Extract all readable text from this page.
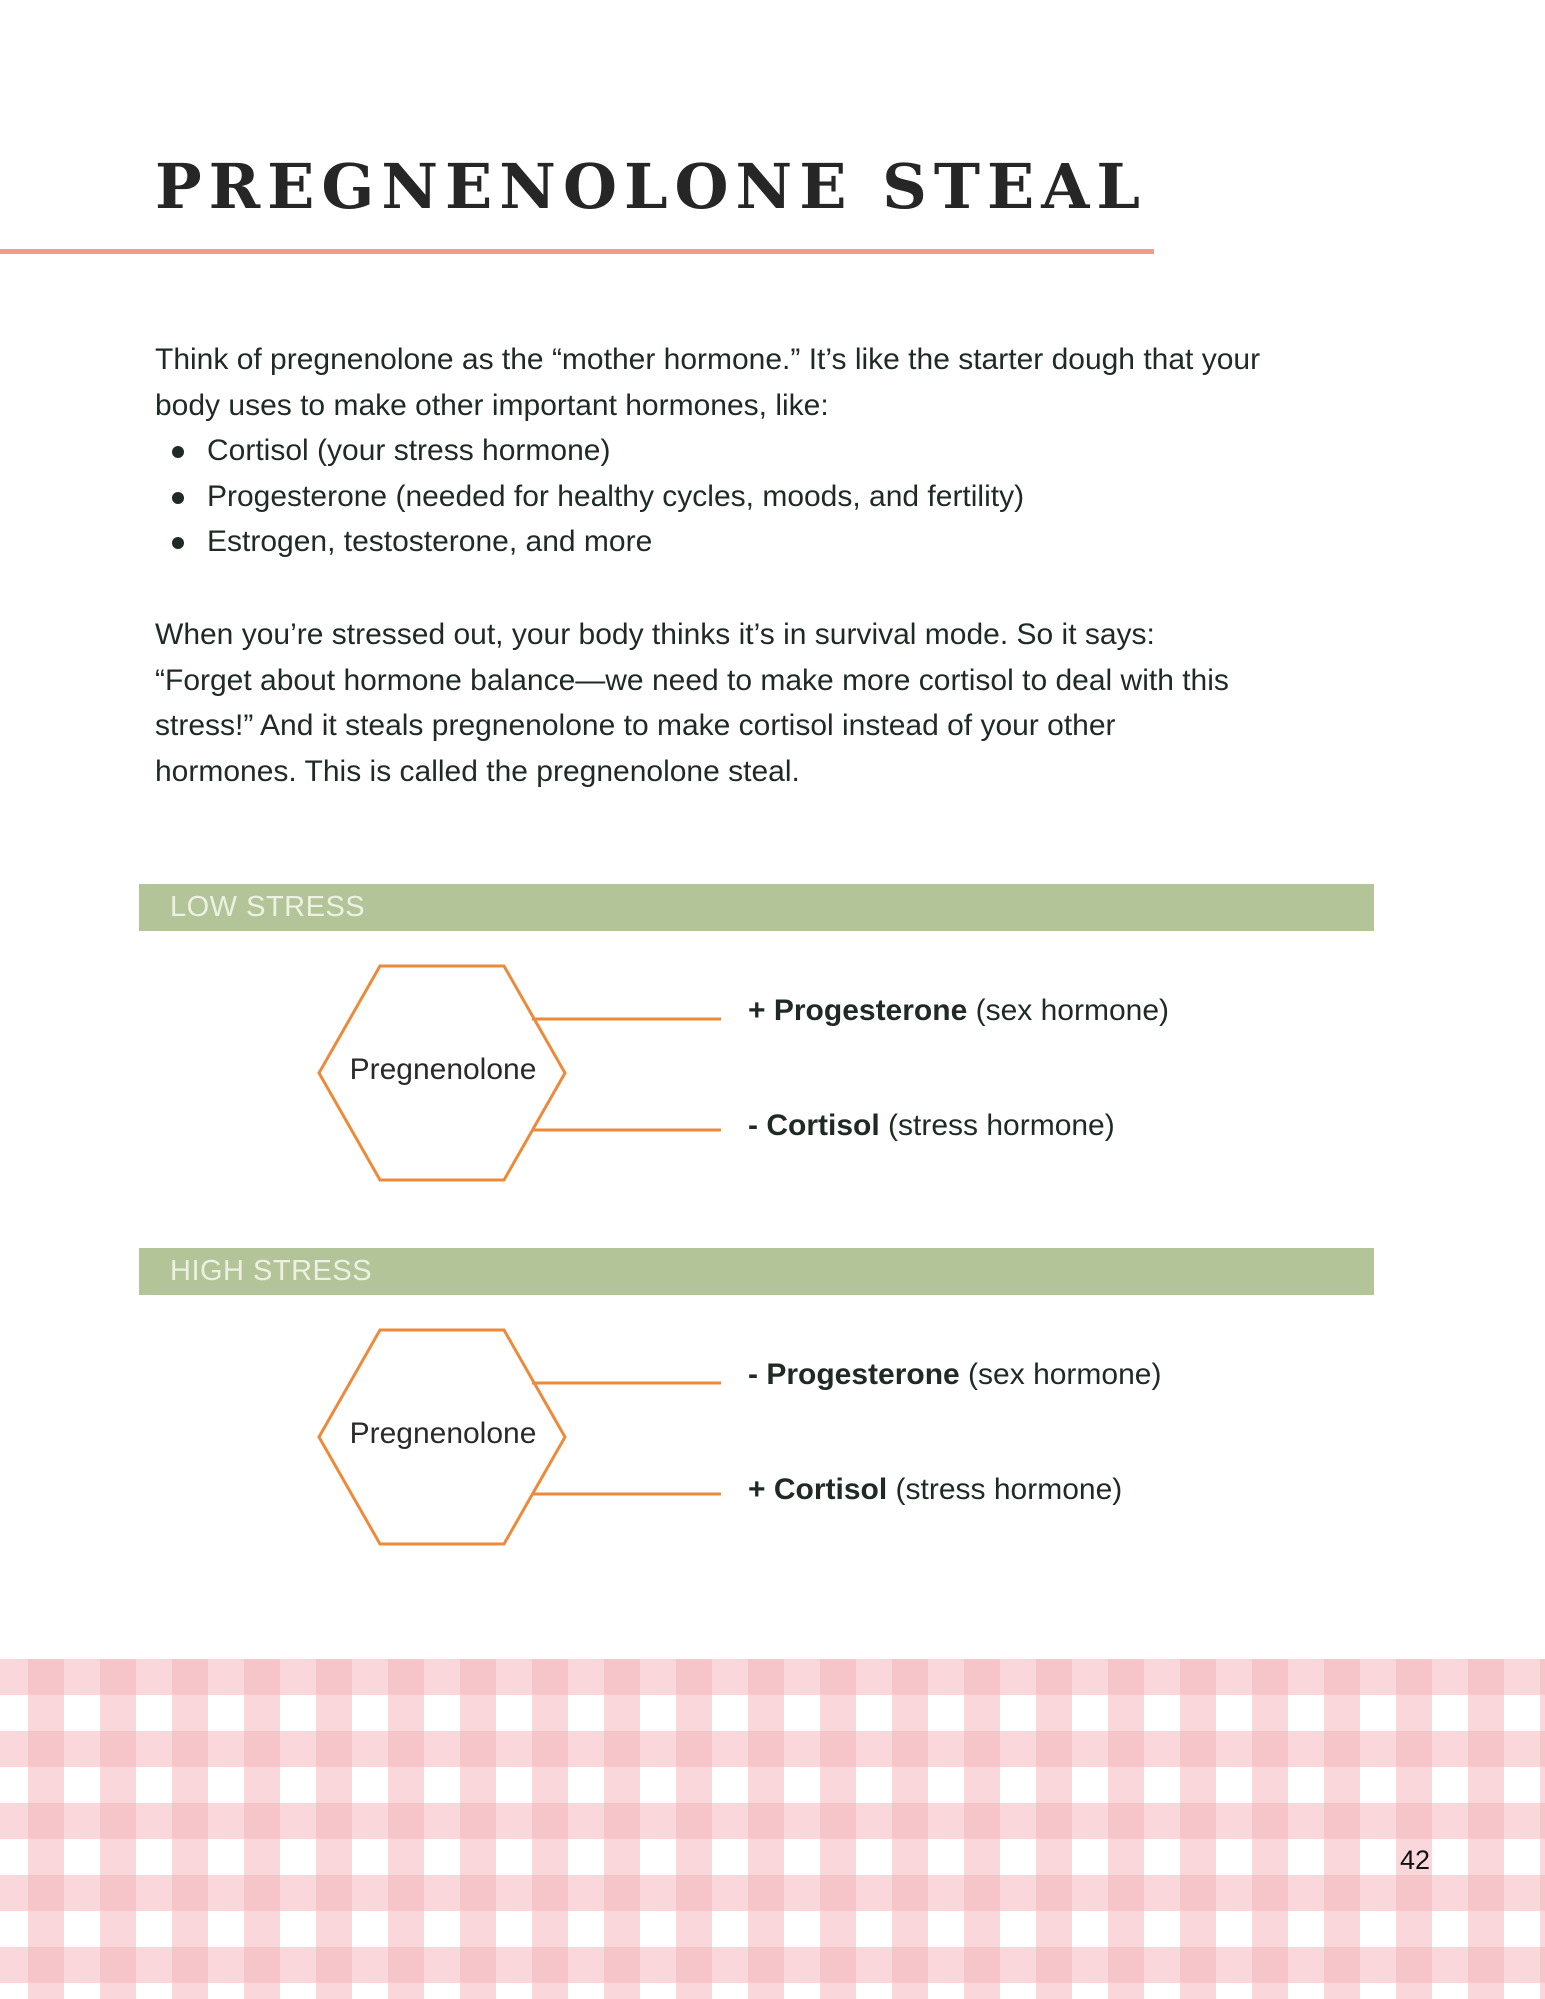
PREGNENOLONE STEAL

Think of pregnenolone as the “mother hormone.” It’s like the starter dough that your

body uses to make other important hormones, like:

Cortisol (your stress hormone)
Progesterone (needed for healthy cycles, moods, and fertility)
Estrogen, testosterone, and more

When you’re stressed out, your body thinks it’s in survival mode. So it says:

“Forget about hormone balance—we need to make more cortisol to deal with this

stress!” And it steals pregnenolone to make cortisol instead of your other

hormones. This is called the pregnenolone steal.

LOW STRESS
Pregnenolone
+ Progesterone (sex hormone)
- Cortisol (stress hormone)
HIGH STRESS
Pregnenolone
- Progesterone (sex hormone)
+ Cortisol (stress hormone)
42
